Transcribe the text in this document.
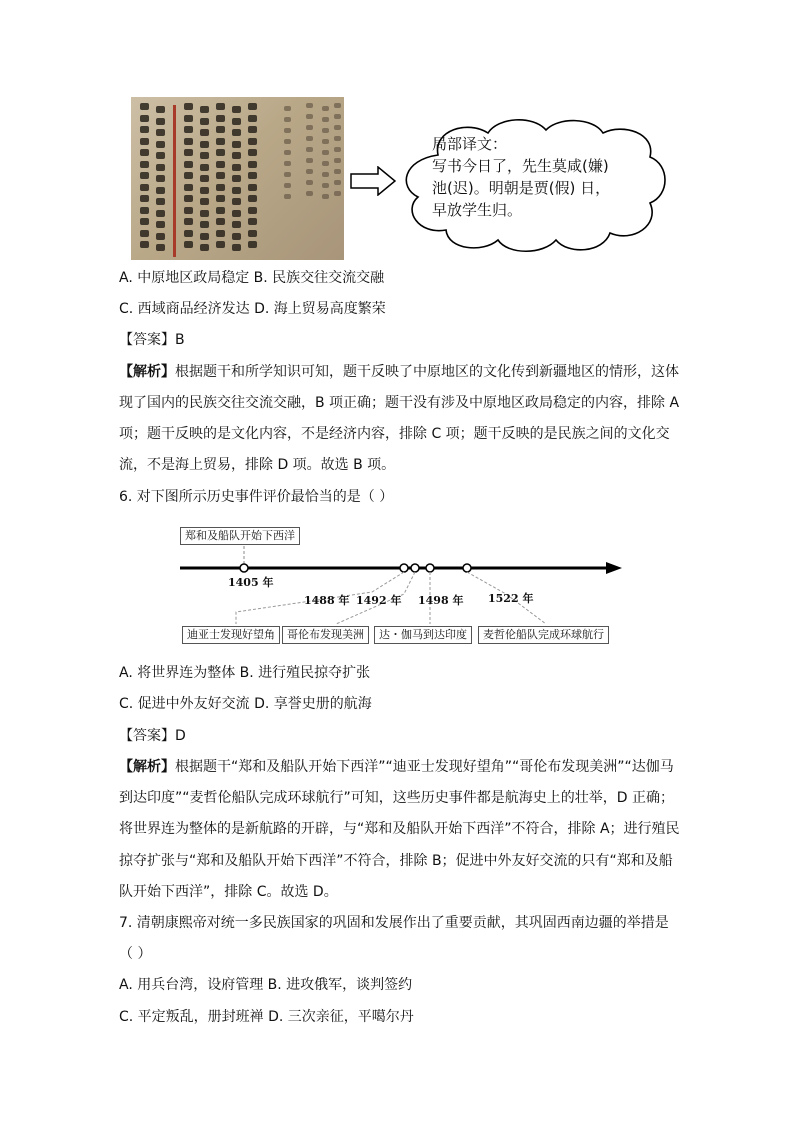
局部译文：
写书今日了，先生莫咸(嫌)
池(迟)。明朝是贾(假) 日，
早放学生归。
A. 中原地区政局稳定 B. 民族交往交流交融
C. 西域商品经济发达 D. 海上贸易高度繁荣
【答案】B
【解析】根据题干和所学知识可知，题干反映了中原地区的文化传到新疆地区的情形，这体
现了国内的民族交往交流交融，B 项正确；题干没有涉及中原地区政局稳定的内容，排除 A
项；题干反映的是文化内容，不是经济内容，排除 C 项；题干反映的是民族之间的文化交
流，不是海上贸易，排除 D 项。故选 B 项。
6. 对下图所示历史事件评价最恰当的是（ ）
郑和及船队开始下西洋
1405 年
1488 年 1492 年 1498 年 1522 年
迪亚士发现好望角	哥伦布发现美洲	达・伽马到达印度	麦哲伦船队完成环球航行
A. 将世界连为整体 B. 进行殖民掠夺扩张
C. 促进中外友好交流 D. 享誉史册的航海
【答案】D
【解析】根据题干“郑和及船队开始下西洋”“迪亚士发现好望角”“哥伦布发现美洲”“达伽马
到达印度”“麦哲伦船队完成环球航行”可知，这些历史事件都是航海史上的壮举，D 正确；
将世界连为整体的是新航路的开辟，与“郑和及船队开始下西洋”不符合，排除 A；进行殖民
掠夺扩张与“郑和及船队开始下西洋”不符合，排除 B；促进中外友好交流的只有“郑和及船
队开始下西洋”，排除 C。故选 D。
7. 清朝康熙帝对统一多民族国家的巩固和发展作出了重要贡献，其巩固西南边疆的举措是
（ ）
A. 用兵台湾，设府管理 B. 进攻俄军，谈判签约
C. 平定叛乱，册封班禅 D. 三次亲征，平噶尔丹
